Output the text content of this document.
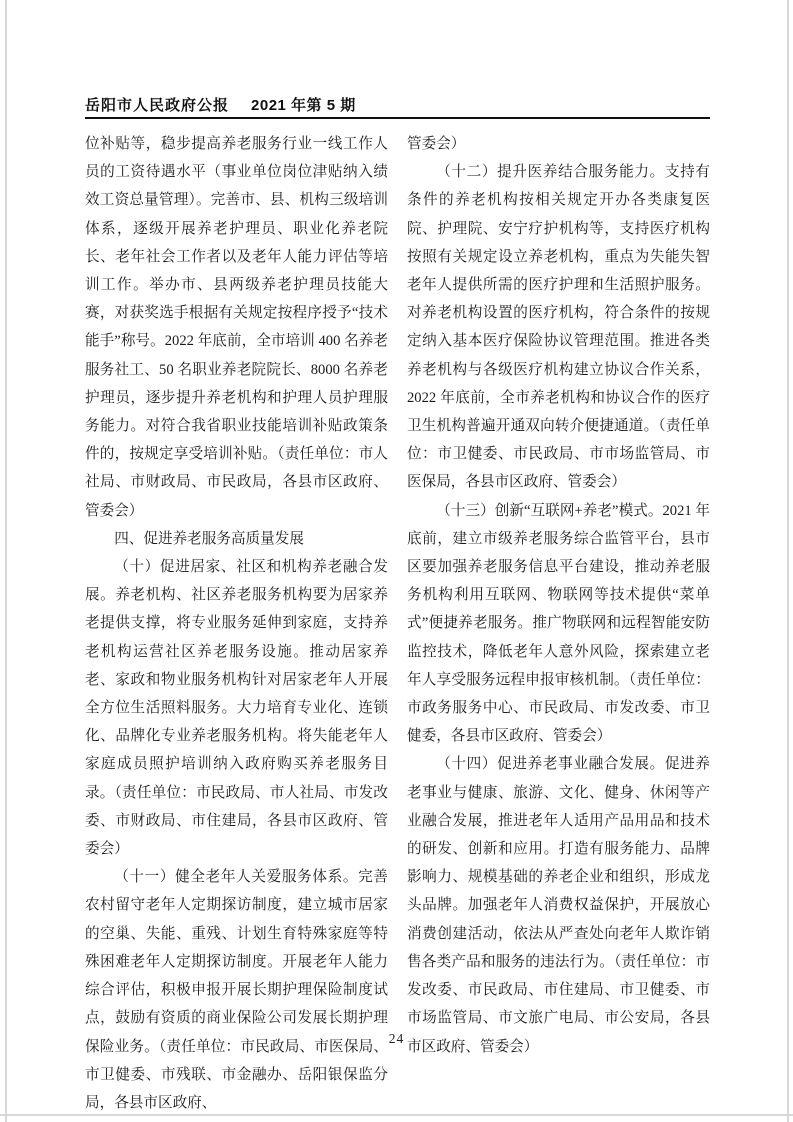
岳阳市人民政府公报 2021 年第 5 期

位补贴等，稳步提高养老服务行业一线工作人员的工资待遇水平（事业单位岗位津贴纳入绩效工资总量管理）。完善市、县、机构三级培训体系，逐级开展养老护理员、职业化养老院长、老年社会工作者以及老年人能力评估等培训工作。举办市、县两级养老护理员技能大赛，对获奖选手根据有关规定按程序授予“技术能手”称号。2022 年底前，全市培训 400 名养老服务社工、50 名职业养老院院长、8000 名养老护理员，逐步提升养老机构和护理人员护理服务能力。对符合我省职业技能培训补贴政策条件的，按规定享受培训补贴。（责任单位：市人社局、市财政局、市民政局，各县市区政府、管委会）

四、促进养老服务高质量发展

（十）促进居家、社区和机构养老融合发展。养老机构、社区养老服务机构要为居家养老提供支撑，将专业服务延伸到家庭，支持养老机构运营社区养老服务设施。推动居家养老、家政和物业服务机构针对居家老年人开展全方位生活照料服务。大力培育专业化、连锁化、品牌化专业养老服务机构。将失能老年人家庭成员照护培训纳入政府购买养老服务目录。（责任单位：市民政局、市人社局、市发改委、市财政局、市住建局，各县市区政府、管委会）

（十一）健全老年人关爱服务体系。完善农村留守老年人定期探访制度，建立城市居家的空巢、失能、重残、计划生育特殊家庭等特殊困难老年人定期探访制度。开展老年人能力综合评估，积极申报开展长期护理保险制度试点，鼓励有资质的商业保险公司发展长期护理保险业务。（责任单位：市民政局、市医保局、市卫健委、市残联、市金融办、岳阳银保监分局，各县市区政府、

管委会）

（十二）提升医养结合服务能力。支持有条件的养老机构按相关规定开办各类康复医院、护理院、安宁疗护机构等，支持医疗机构按照有关规定设立养老机构，重点为失能失智老年人提供所需的医疗护理和生活照护服务。对养老机构设置的医疗机构，符合条件的按规定纳入基本医疗保险协议管理范围。推进各类养老机构与各级医疗机构建立协议合作关系，2022 年底前，全市养老机构和协议合作的医疗卫生机构普遍开通双向转介便捷通道。（责任单位：市卫健委、市民政局、市市场监管局、市医保局，各县市区政府、管委会）

（十三）创新“互联网+养老”模式。2021 年底前，建立市级养老服务综合监管平台，县市区要加强养老服务信息平台建设，推动养老服务机构利用互联网、物联网等技术提供“菜单式”便捷养老服务。推广物联网和远程智能安防监控技术，降低老年人意外风险，探索建立老年人享受服务远程申报审核机制。（责任单位：市政务服务中心、市民政局、市发改委、市卫健委，各县市区政府、管委会）

（十四）促进养老事业融合发展。促进养老事业与健康、旅游、文化、健身、休闲等产业融合发展，推进老年人适用产品用品和技术的研发、创新和应用。打造有服务能力、品牌影响力、规模基础的养老企业和组织，形成龙头品牌。加强老年人消费权益保护，开展放心消费创建活动，依法从严查处向老年人欺诈销售各类产品和服务的违法行为。（责任单位：市发改委、市民政局、市住建局、市卫健委、市市场监管局、市文旅广电局、市公安局，各县市区政府、管委会）

24
